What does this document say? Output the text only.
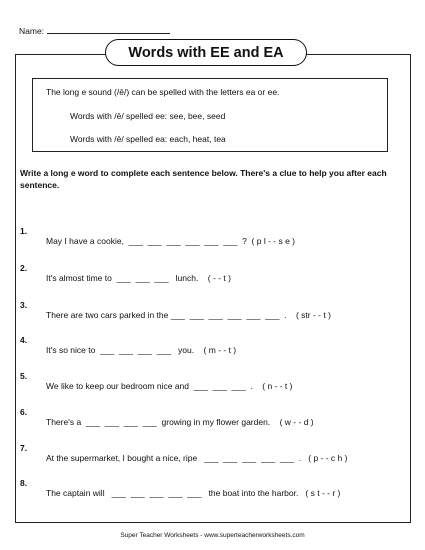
Name:
Words with EE and EA
The long e sound (/ē/) can be spelled with the letters ea or ee.
Words with /ē/ spelled ee: see, bee, seed
Words with /ē/ spelled ea: each, heat, tea
Write a long e word to complete each sentence below. There's a clue to help you after each sentence.

1.

May I have a cookie,  ___  ___  ___  ___  ___  ___  ?  ( p l - - s e )

2.

It's almost time to  ___  ___  ___   lunch.    ( - - t )

3.

There are two cars parked in the ___  ___  ___  ___  ___  ___  .    ( str - - t )

4.

It's so nice to  ___  ___  ___  ___   you.    ( m - - t )

5.

We like to keep our bedroom nice and  ___  ___  ___  .    ( n - - t )

6.

There's a  ___  ___  ___  ___  growing in my flower garden.    ( w - - d )

7.

At the supermarket, I bought a nice, ripe   ___  ___  ___  ___  ___  .   ( p - - c h )

8.

The captain will   ___  ___  ___  ___  ___   the boat into the harbor.   ( s t - - r )

Super Teacher Worksheets - www.superteacherworksheets.com
